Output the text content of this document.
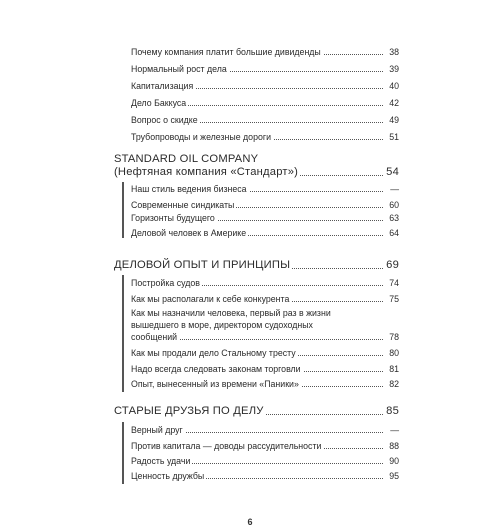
Почему компания платит большие дивиденды	38
Нормальный рост дела	39
Капитализация	40
Дело Баккуса	42
Вопрос о скидке	49
Трубопроводы и железные дороги	51
STANDARD OIL COMPANY
(Нефтяная компания «Стандарт»)	54
Наш стиль ведения бизнеса	—
Современные синдикаты	60
Горизонты будущего	63
Деловой человек в Америке	64
ДЕЛОВОЙ ОПЫТ И ПРИНЦИПЫ	69
Постройка судов	74
Как мы располагали к себе конкурента	75
Как мы назначили человека, первый раз в жизни
вышедшего в море, директором судоходных
сообщений	78
Как мы продали дело Стальному тресту	80
Надо всегда следовать законам торговли	81
Опыт, вынесенный из времени «Паники»	82
СТАРЫЕ ДРУЗЬЯ ПО ДЕЛУ	85
Верный друг	—
Против капитала — доводы рассудительности	88
Радость удачи	90
Ценность дружбы	95
6
